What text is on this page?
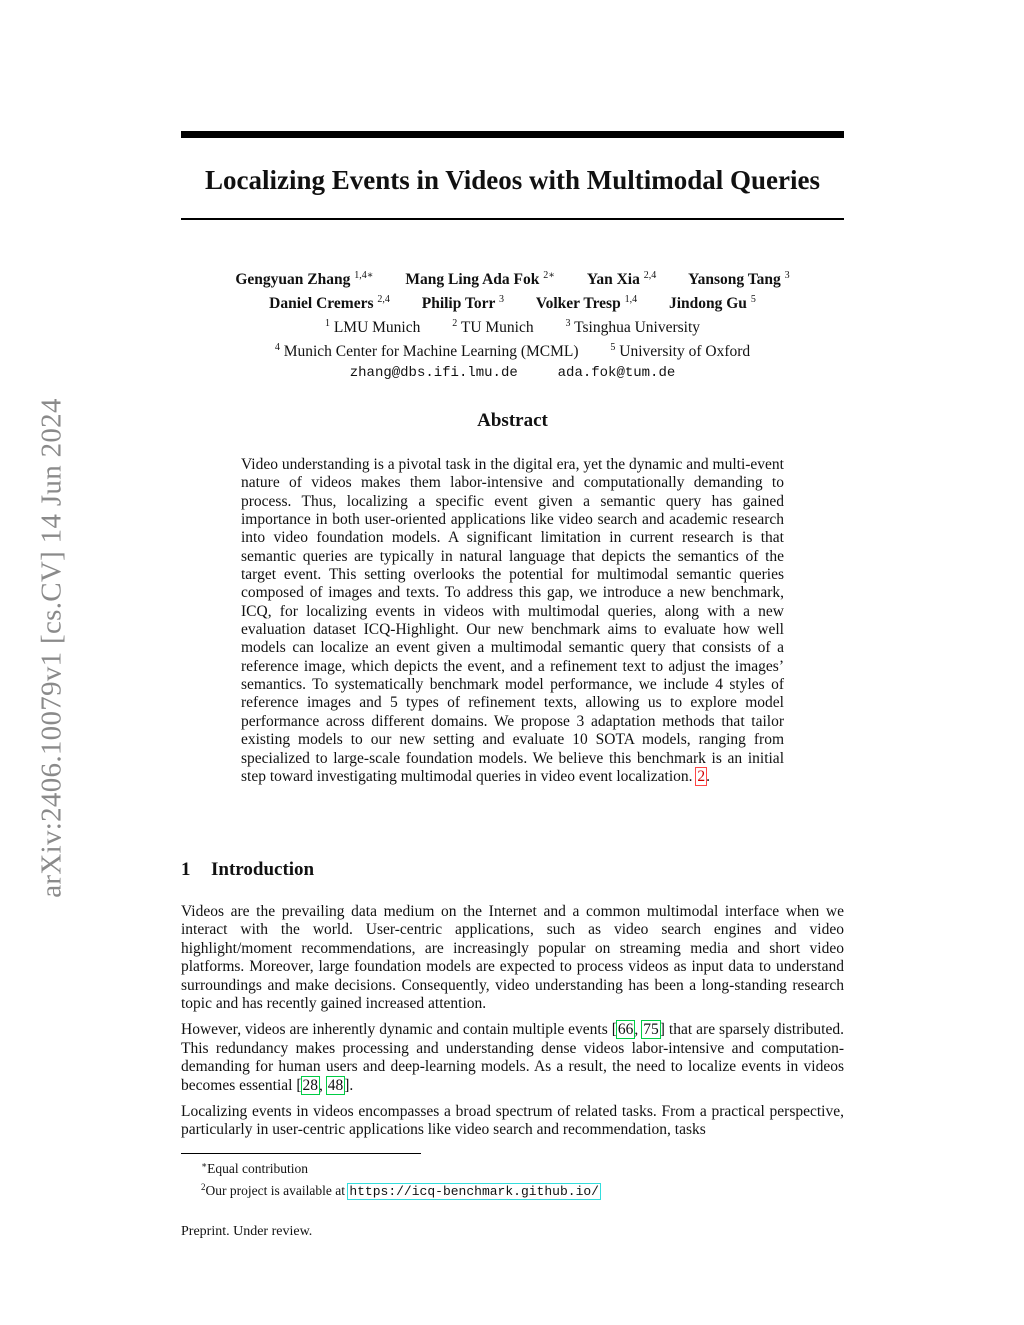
arXiv:2406.10079v1 [cs.CV] 14 Jun 2024
Localizing Events in Videos with Multimodal Queries
Gengyuan Zhang $^{1,4∗}$ Mang Ling Ada Fok $^{2∗}$ Yan Xia $^{2,4}$ Yansong Tang $^3$
Daniel Cremers $^{2,4}$ Philip Torr $^3$ Volker Tresp $^{1,4}$ Jindong Gu $^5$
$^1$ LMU Munich	$^2$ TU Munich	$^3$ Tsinghua University
$^4$ Munich Center for Machine Learning (MCML)	$^5$ University of Oxford
zhang@dbs.ifi.lmu.de	ada.fok@tum.de
Abstract

Video understanding is a pivotal task in the digital era, yet the dynamic and multi-event nature of videos makes them labor-intensive and computationally demanding to process. Thus, localizing a specific event given a semantic query has gained importance in both user-oriented applications like video search and academic research into video foundation models. A significant limitation in current research is that semantic queries are typically in natural language that depicts the semantics of the target event. This setting overlooks the potential for multimodal semantic queries composed of images and texts. To address this gap, we introduce a new benchmark, ICQ, for localizing events in videos with multimodal queries, along with a new evaluation dataset ICQ-Highlight. Our new benchmark aims to evaluate how well models can localize an event given a multimodal semantic query that consists of a reference image, which depicts the event, and a refinement text to adjust the images’ semantics. To systematically benchmark model performance, we include 4 styles of reference images and 5 types of refinement texts, allowing us to explore model performance across different domains. We propose 3 adaptation methods that tailor existing models to our new setting and evaluate 10 SOTA models, ranging from specialized to large-scale foundation models. We believe this benchmark is an initial step toward investigating multimodal queries in video event localization. 2.

1 Introduction

Videos are the prevailing data medium on the Internet and a common multimodal interface when we interact with the world. User-centric applications, such as video search engines and video highlight/moment recommendations, are increasingly popular on streaming media and short video platforms. Moreover, large foundation models are expected to process videos as input data to understand surroundings and make decisions. Consequently, video understanding has been a long-standing research topic and has recently gained increased attention.

However, videos are inherently dynamic and contain multiple events [66, 75] that are sparsely distributed. This redundancy makes processing and understanding dense videos labor-intensive and computation-demanding for human users and deep-learning models. As a result, the need to localize events in videos becomes essential [28, 48].

Localizing events in videos encompasses a broad spectrum of related tasks. From a practical perspective, particularly in user-centric applications like video search and recommendation, tasks

∗Equal contribution
$^2$Our project is available at https://icq-benchmark.github.io/
Preprint. Under review.
